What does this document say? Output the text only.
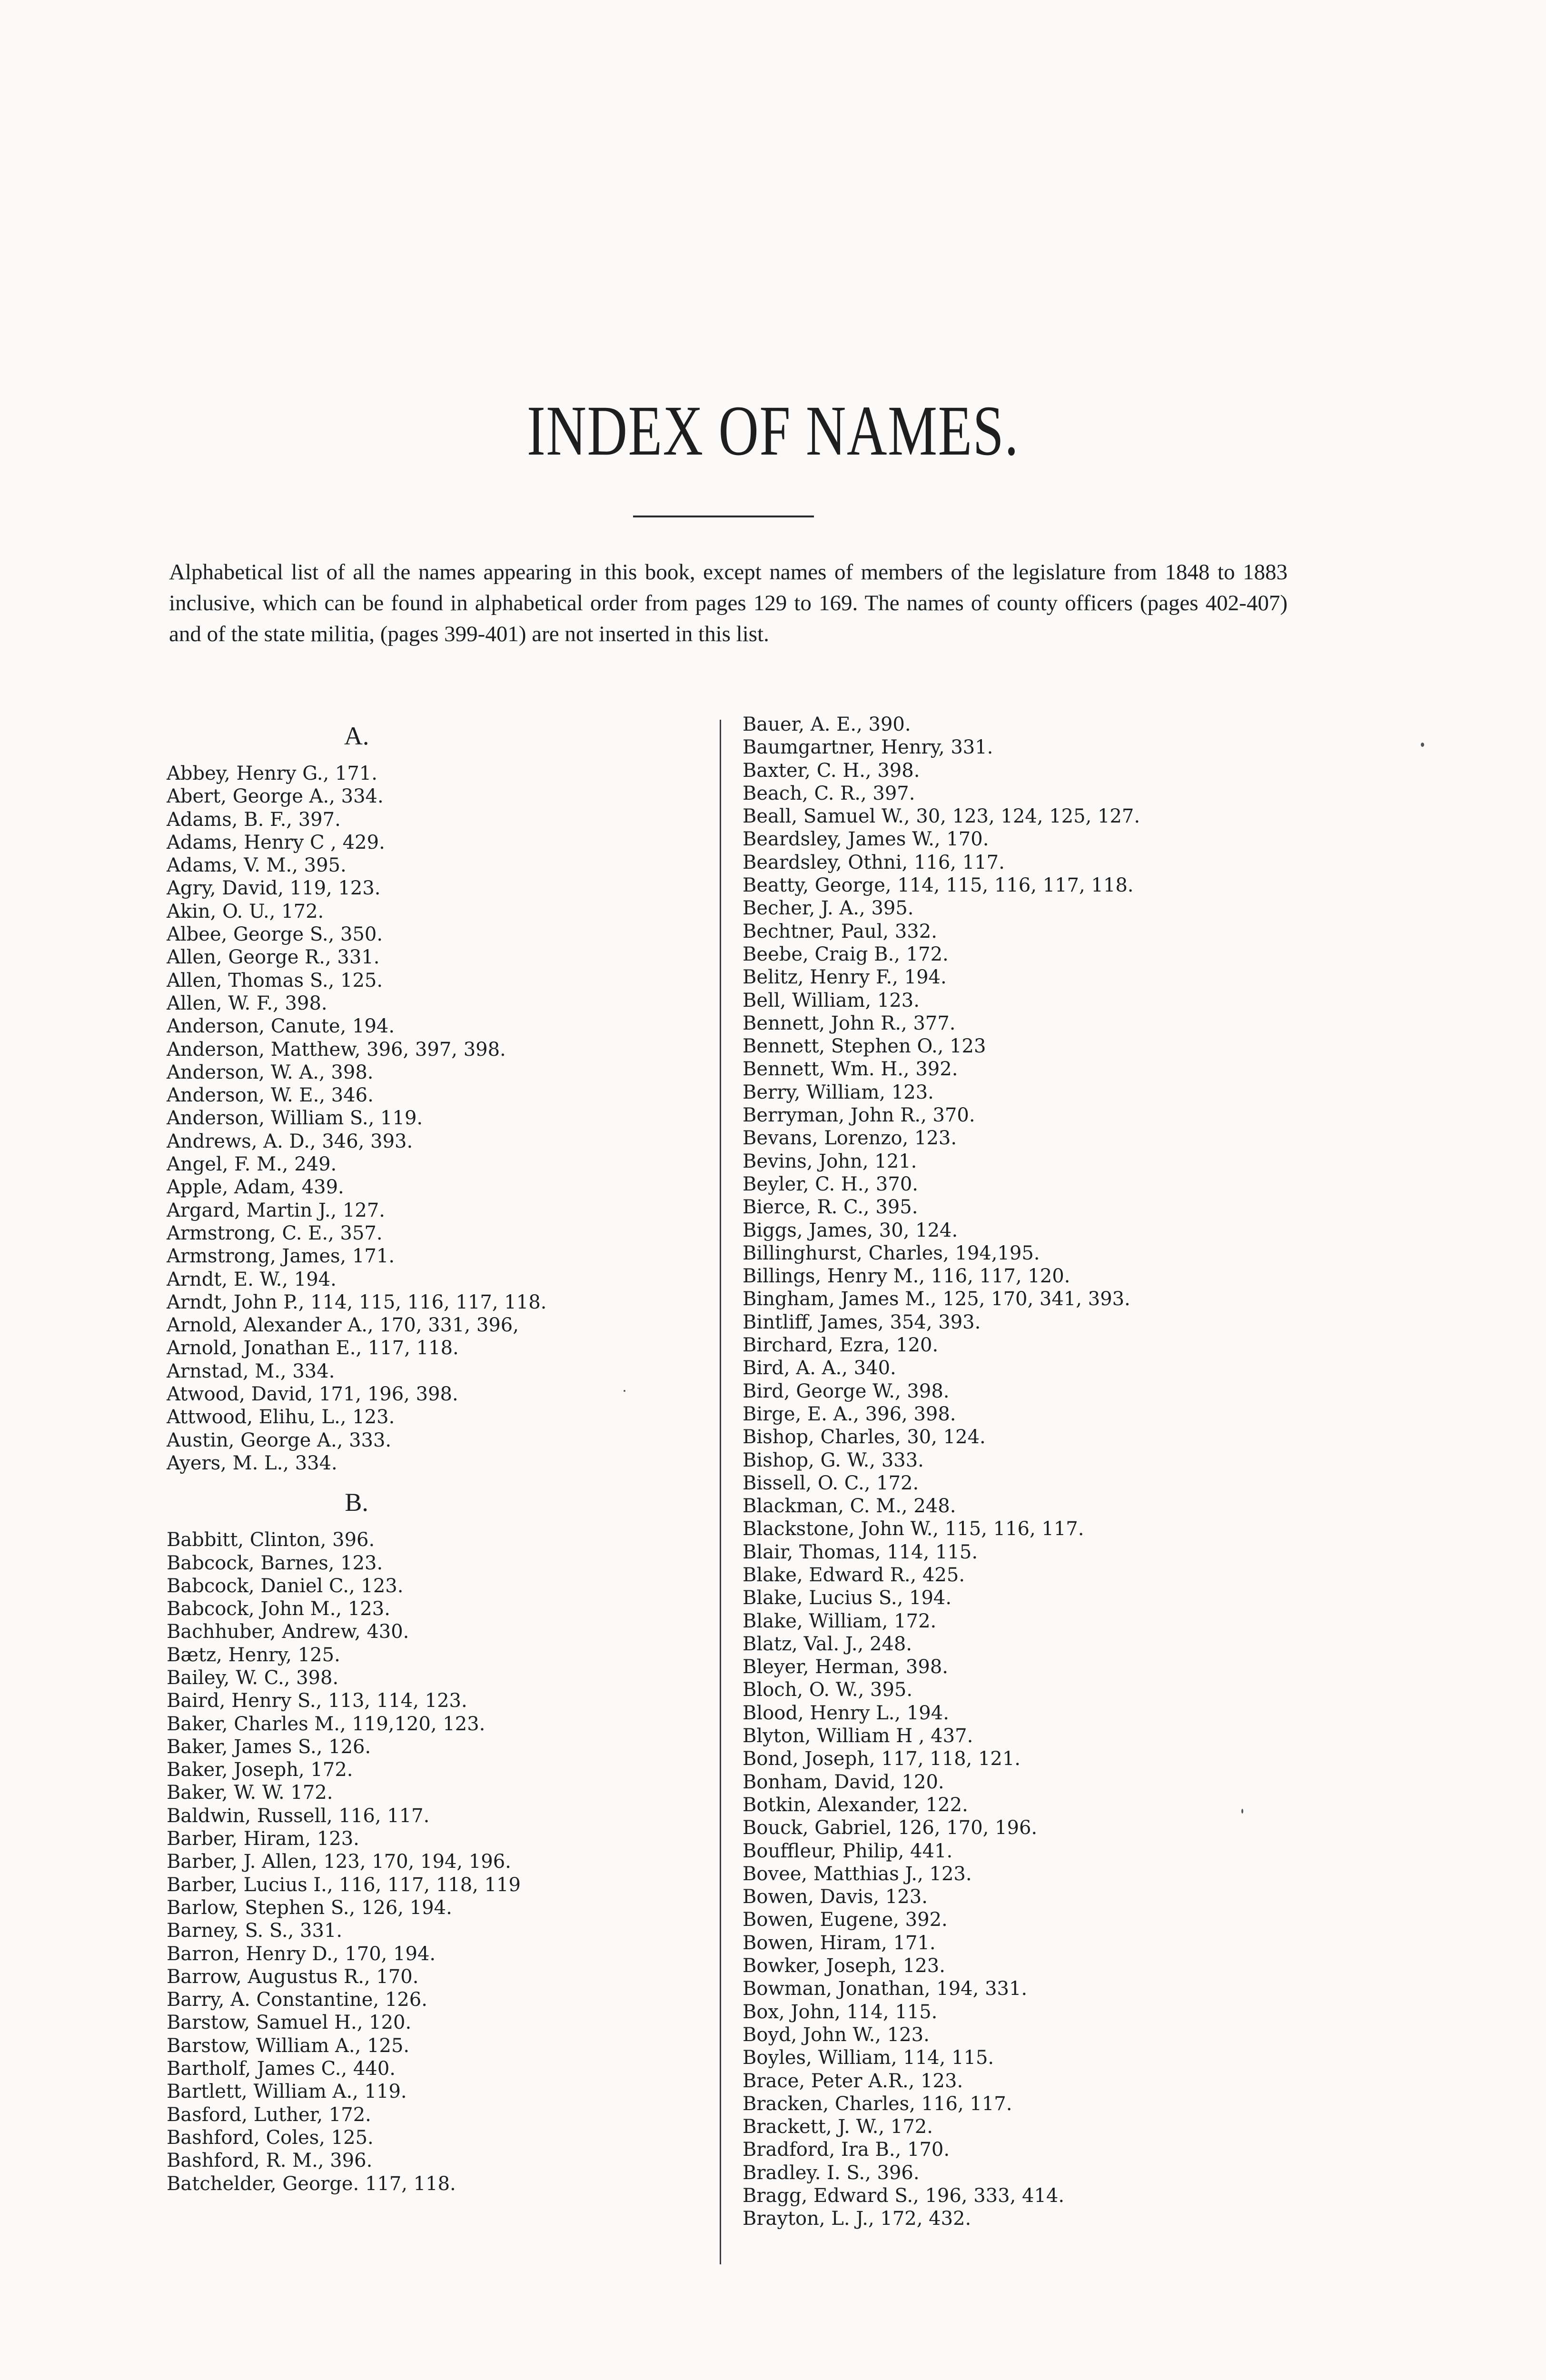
INDEX OF NAMES.
Alphabetical list of all the names appearing in this book, except names of members of the legislature from 1848 to 1883 inclusive, which can be found in alphabetical order from pages 129 to 169. The names of county officers (pages 402-407) and of the state militia, (pages 399-401) are not inserted in this list.
A.
Abbey, Henry G., 171.
Abert, George A., 334.
Adams, B. F., 397.
Adams, Henry C , 429.
Adams, V. M., 395.
Agry, David, 119, 123.
Akin, O. U., 172.
Albee, George S., 350.
Allen, George R., 331.
Allen, Thomas S., 125.
Allen, W. F., 398.
Anderson, Canute, 194.
Anderson, Matthew, 396, 397, 398.
Anderson, W. A., 398.
Anderson, W. E., 346.
Anderson, William S., 119.
Andrews, A. D., 346, 393.
Angel, F. M., 249.
Apple, Adam, 439.
Argard, Martin J., 127.
Armstrong, C. E., 357.
Armstrong, James, 171.
Arndt, E. W., 194.
Arndt, John P., 114, 115, 116, 117, 118.
Arnold, Alexander A., 170, 331, 396,
Arnold, Jonathan E., 117, 118.
Arnstad, M., 334.
Atwood, David, 171, 196, 398.
Attwood, Elihu, L., 123.
Austin, George A., 333.
Ayers, M. L., 334.
B.
Babbitt, Clinton, 396.
Babcock, Barnes, 123.
Babcock, Daniel C., 123.
Babcock, John M., 123.
Bachhuber, Andrew, 430.
Bætz, Henry, 125.
Bailey, W. C., 398.
Baird, Henry S., 113, 114, 123.
Baker, Charles M., 119,120, 123.
Baker, James S., 126.
Baker, Joseph, 172.
Baker, W. W. 172.
Baldwin, Russell, 116, 117.
Barber, Hiram, 123.
Barber, J. Allen, 123, 170, 194, 196.
Barber, Lucius I., 116, 117, 118, 119
Barlow, Stephen S., 126, 194.
Barney, S. S., 331.
Barron, Henry D., 170, 194.
Barrow, Augustus R., 170.
Barry, A. Constantine, 126.
Barstow, Samuel H., 120.
Barstow, William A., 125.
Bartholf, James C., 440.
Bartlett, William A., 119.
Basford, Luther, 172.
Bashford, Coles, 125.
Bashford, R. M., 396.
Batchelder, George. 117, 118.
Bauer, A. E., 390.
Baumgartner, Henry, 331.
Baxter, C. H., 398.
Beach, C. R., 397.
Beall, Samuel W., 30, 123, 124, 125, 127.
Beardsley, James W., 170.
Beardsley, Othni, 116, 117.
Beatty, George, 114, 115, 116, 117, 118.
Becher, J. A., 395.
Bechtner, Paul, 332.
Beebe, Craig B., 172.
Belitz, Henry F., 194.
Bell, William, 123.
Bennett, John R., 377.
Bennett, Stephen O., 123
Bennett, Wm. H., 392.
Berry, William, 123.
Berryman, John R., 370.
Bevans, Lorenzo, 123.
Bevins, John, 121.
Beyler, C. H., 370.
Bierce, R. C., 395.
Biggs, James, 30, 124.
Billinghurst, Charles, 194,195.
Billings, Henry M., 116, 117, 120.
Bingham, James M., 125, 170, 341, 393.
Bintliff, James, 354, 393.
Birchard, Ezra, 120.
Bird, A. A., 340.
Bird, George W., 398.
Birge, E. A., 396, 398.
Bishop, Charles, 30, 124.
Bishop, G. W., 333.
Bissell, O. C., 172.
Blackman, C. M., 248.
Blackstone, John W., 115, 116, 117.
Blair, Thomas, 114, 115.
Blake, Edward R., 425.
Blake, Lucius S., 194.
Blake, William, 172.
Blatz, Val. J., 248.
Bleyer, Herman, 398.
Bloch, O. W., 395.
Blood, Henry L., 194.
Blyton, William H , 437.
Bond, Joseph, 117, 118, 121.
Bonham, David, 120.
Botkin, Alexander, 122.
Bouck, Gabriel, 126, 170, 196.
Bouffleur, Philip, 441.
Bovee, Matthias J., 123.
Bowen, Davis, 123.
Bowen, Eugene, 392.
Bowen, Hiram, 171.
Bowker, Joseph, 123.
Bowman, Jonathan, 194, 331.
Box, John, 114, 115.
Boyd, John W., 123.
Boyles, William, 114, 115.
Brace, Peter A.R., 123.
Bracken, Charles, 116, 117.
Brackett, J. W., 172.
Bradford, Ira B., 170.
Bradley. I. S., 396.
Bragg, Edward S., 196, 333, 414.
Brayton, L. J., 172, 432.
